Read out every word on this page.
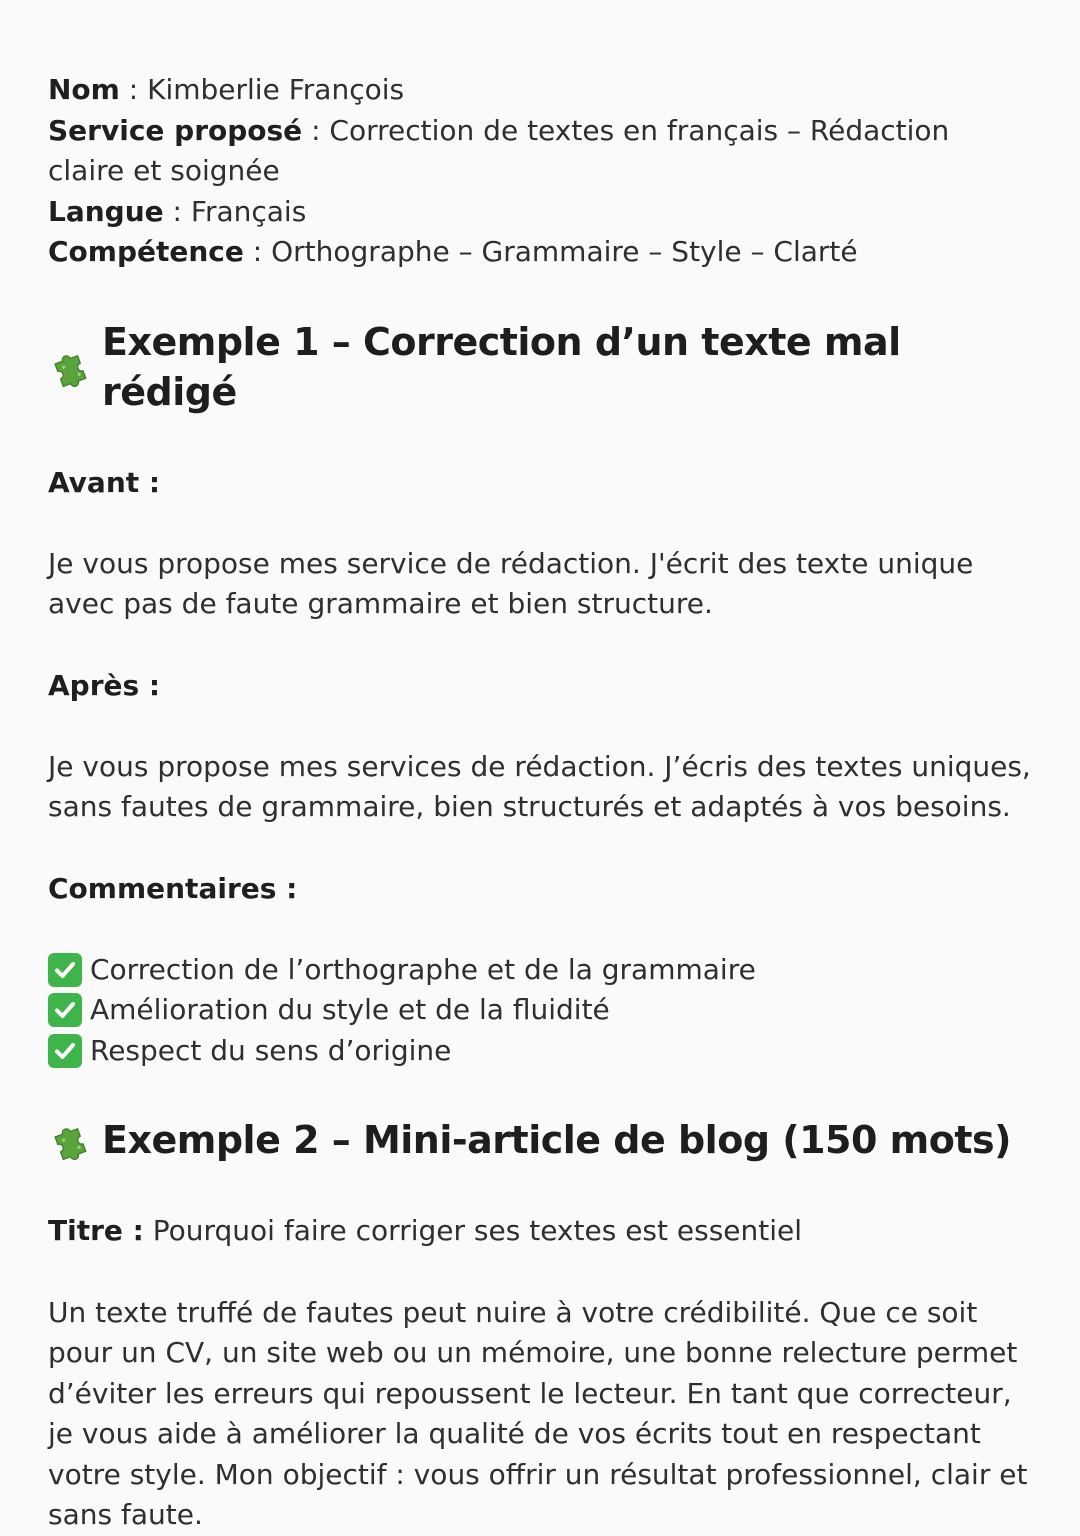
Nom : Kimberlie François

Service proposé : Correction de textes en français – Rédaction claire et soignée

Langue : Français

Compétence : Orthographe – Grammaire – Style – Clarté

Exemple 1 – Correction d’un texte mal rédigé

Avant :

Je vous propose mes service de rédaction. J'écrit des texte unique avec pas de faute grammaire et bien structure.

Après :

Je vous propose mes services de rédaction. J’écris des textes uniques, sans fautes de grammaire, bien structurés et adaptés à vos besoins.

Commentaires :

Correction de l’orthographe et de la grammaire
Amélioration du style et de la fluidité
Respect du sens d’origine
Exemple 2 – Mini-article de blog (150 mots)

Titre : Pourquoi faire corriger ses textes est essentiel

Un texte truffé de fautes peut nuire à votre crédibilité. Que ce soit pour un CV, un site web ou un mémoire, une bonne relecture permet d’éviter les erreurs qui repoussent le lecteur. En tant que correcteur, je vous aide à améliorer la qualité de vos écrits tout en respectant votre style. Mon objectif : vous offrir un résultat professionnel, clair et sans faute.
